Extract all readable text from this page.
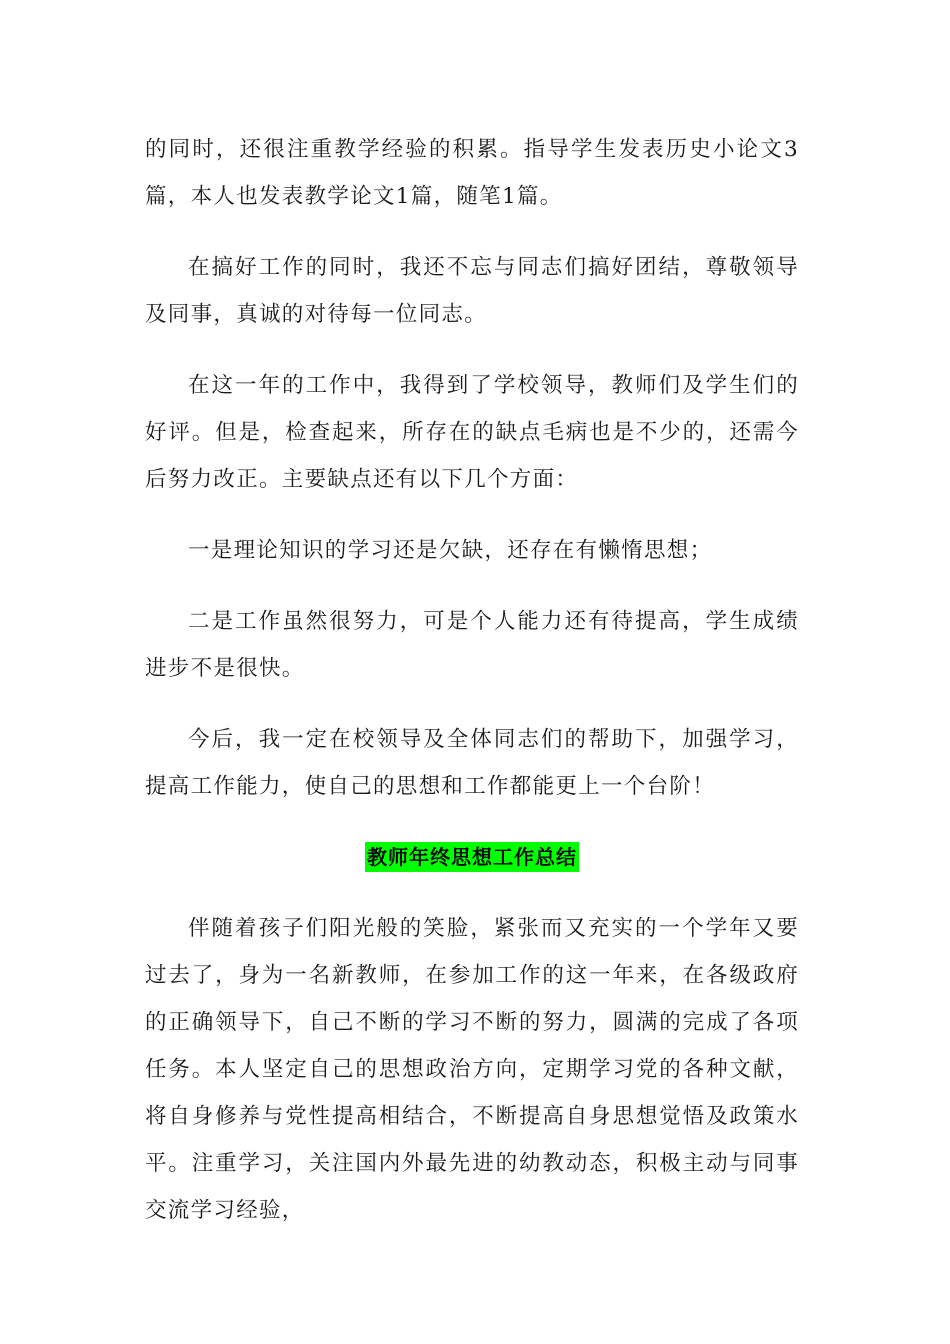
的同时，还很注重教学经验的积累。指导学生发表历史小论文3篇，本人也发表教学论文1篇，随笔1篇。

在搞好工作的同时，我还不忘与同志们搞好团结，尊敬领导及同事，真诚的对待每一位同志。

在这一年的工作中，我得到了学校领导，教师们及学生们的好评。但是，检查起来，所存在的缺点毛病也是不少的，还需今后努力改正。主要缺点还有以下几个方面：

一是理论知识的学习还是欠缺，还存在有懒惰思想；

二是工作虽然很努力，可是个人能力还有待提高，学生成绩进步不是很快。

今后，我一定在校领导及全体同志们的帮助下，加强学习，提高工作能力，使自己的思想和工作都能更上一个台阶！

教师年终思想工作总结

伴随着孩子们阳光般的笑脸，紧张而又充实的一个学年又要过去了，身为一名新教师，在参加工作的这一年来，在各级政府的正确领导下，自己不断的学习不断的努力，圆满的完成了各项任务。本人坚定自己的思想政治方向，定期学习党的各种文献，将自身修养与党性提高相结合，不断提高自身思想觉悟及政策水平。注重学习，关注国内外最先进的幼教动态，积极主动与同事交流学习经验，
